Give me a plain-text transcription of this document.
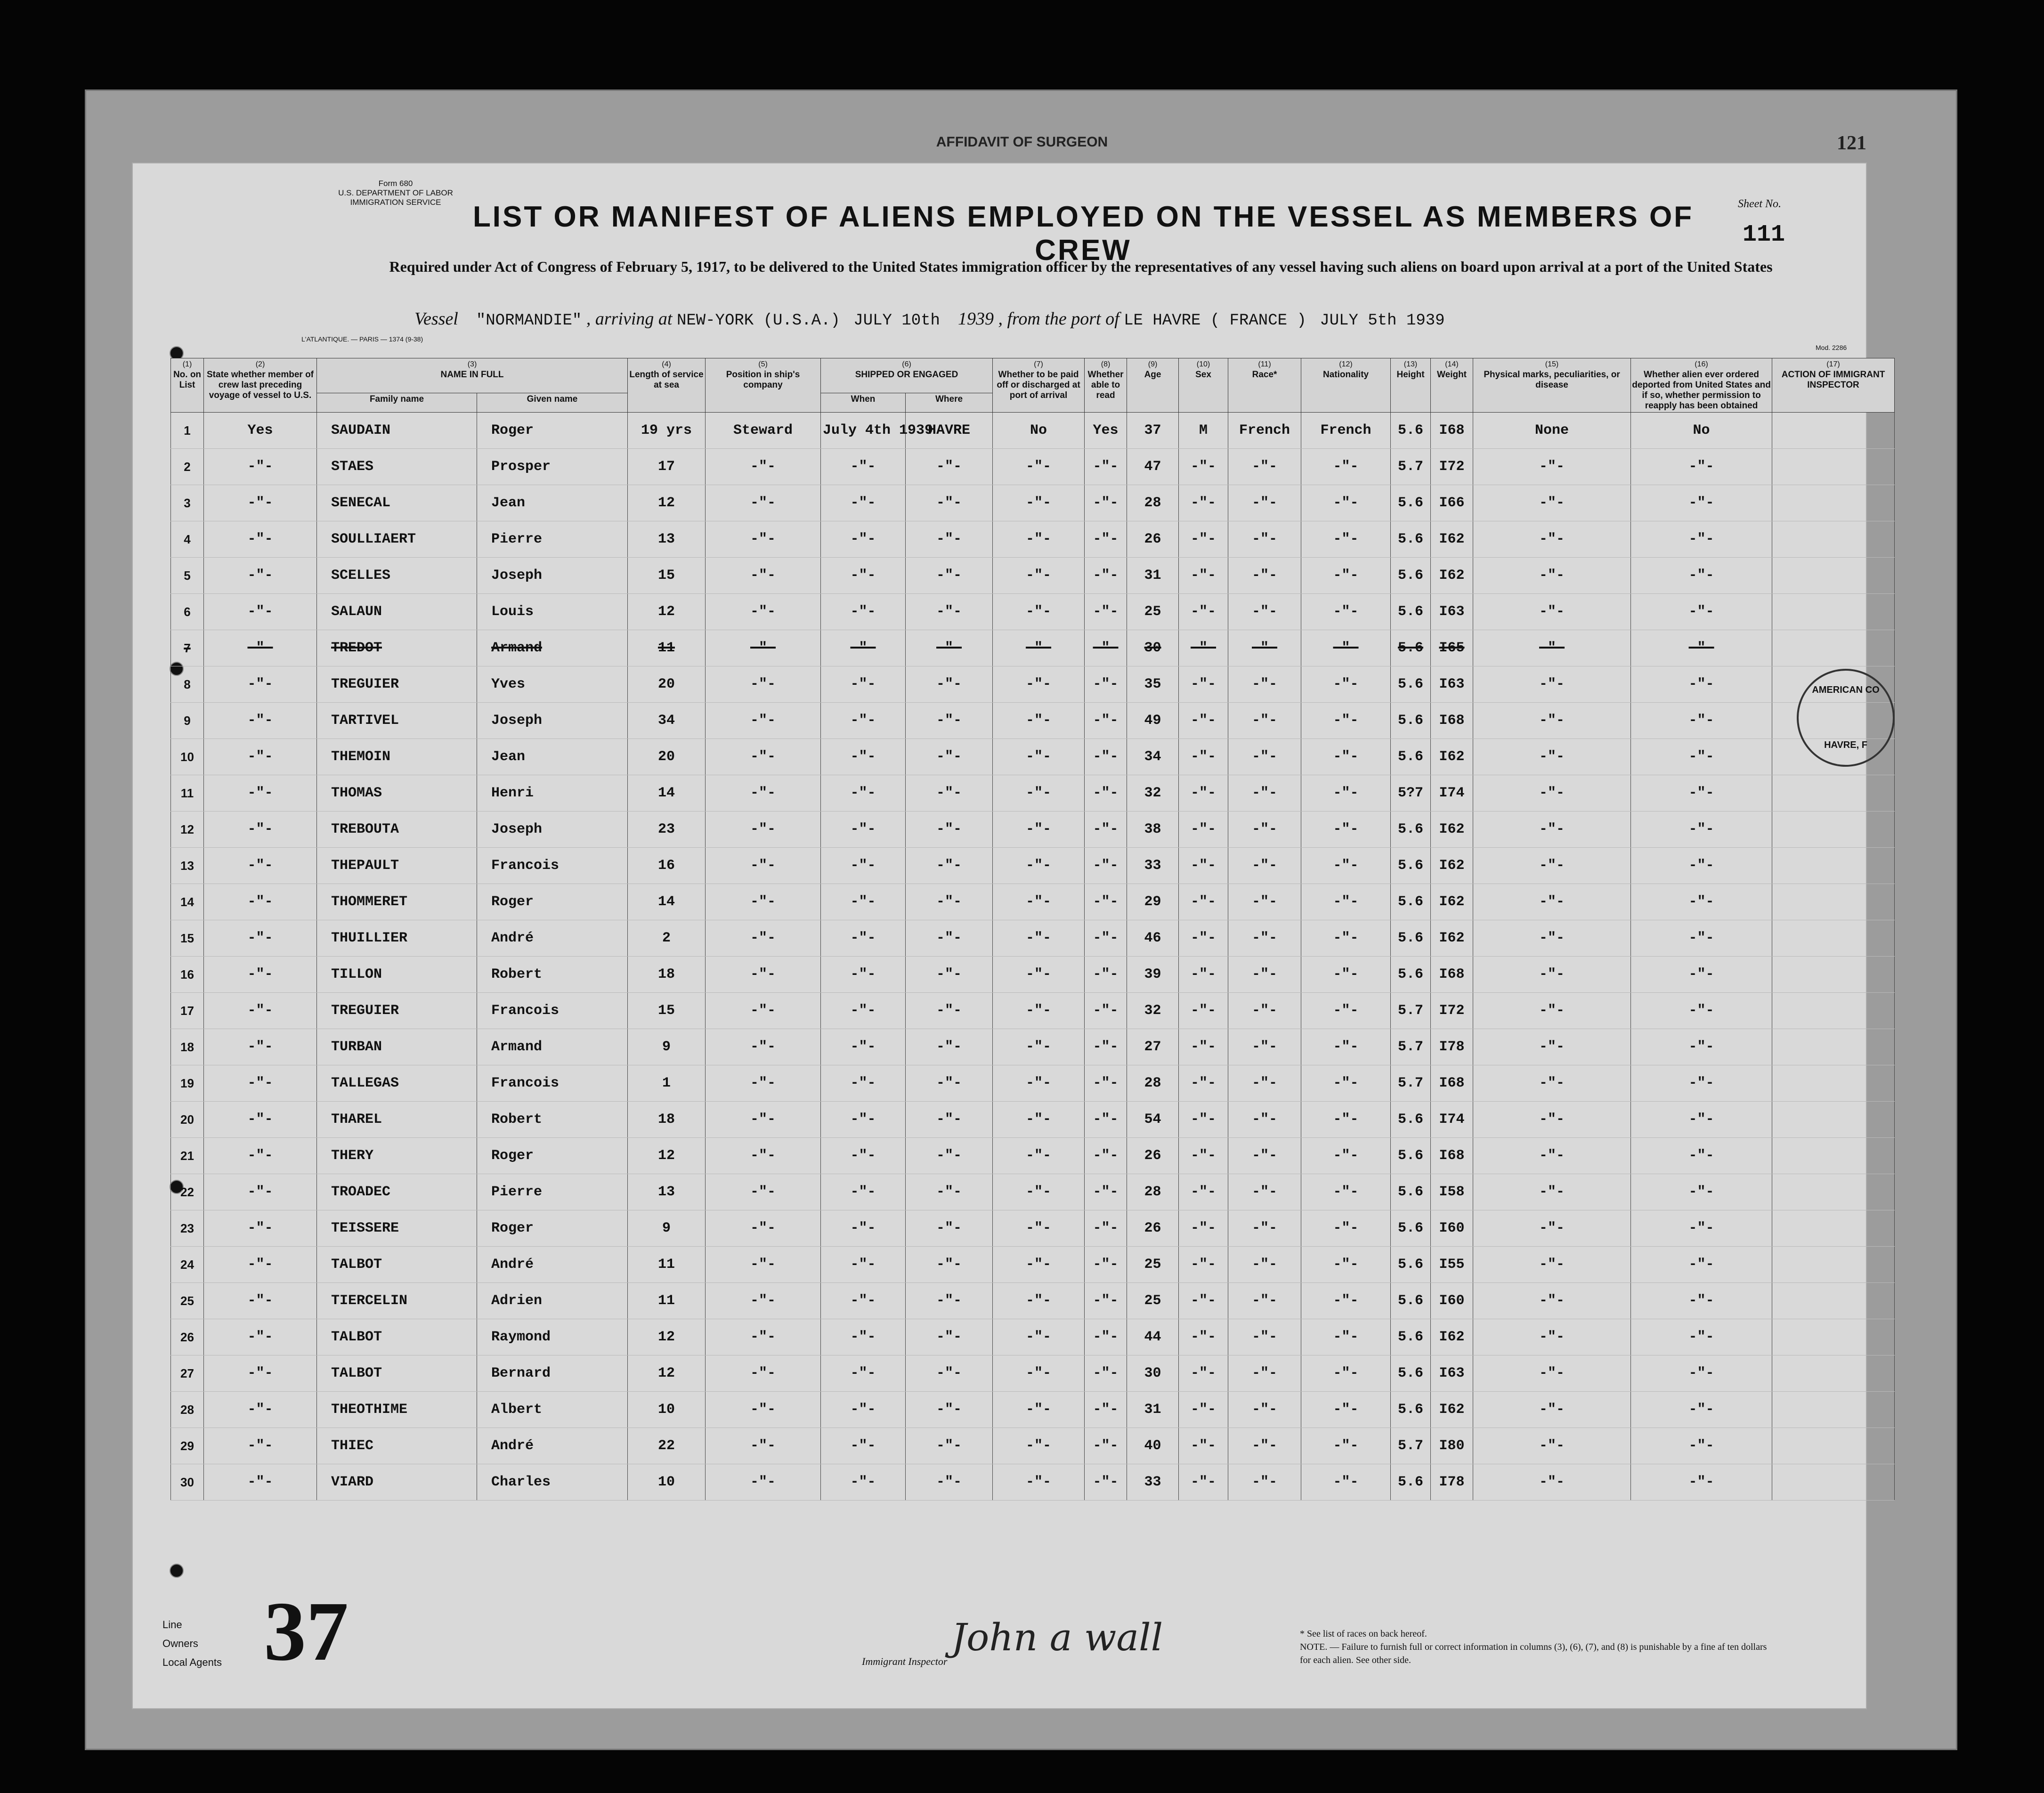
AFFIDAVIT OF SURGEON	121
Form 680
U.S. DEPARTMENT OF LABOR
IMMIGRATION SERVICE	LIST OR MANIFEST OF ALIENS EMPLOYED ON THE VESSEL AS MEMBERS OF CREW
Sheet No.
111
Required under Act of Congress of February 5, 1917, to be delivered to the United States immigration officer by the representatives of any vessel having such aliens on board upon arrival at a port of the United States
Vessel "NORMANDIE" , arriving at NEW-YORK (U.S.A.) JULY 10th 1939 , from the port of LE HAVRE ( FRANCE ) JULY 5th 1939
L'ATLANTIQUE. — PARIS — 1374 (9-38)
Mod. 2286
(1)
No. on List	(2)
State whether member of crew last preceding voyage of vessel to U.S.	(3)
NAME IN FULL		(4)
Length of service at sea	(5)
Position in ship's company	(6)
SHIPPED OR ENGAGED		(7)
Whether to be paid off or discharged at port of arrival	(8)
Whether able to read	(9)
Age	(10)
Sex	(11)
Race*	(12)
Nationality	(13)
Height	(14)
Weight	(15)
Physical marks, peculiarities, or disease	(16)
Whether alien ever ordered deported from United States and if so, whether permission to reapply has been obtained	(17)
ACTION OF IMMIGRANT INSPECTOR
		Family name	Given name			When	Where											
1	Yes	SAUDAIN	Roger	19 yrs	Steward	July 4th 1939	HAVRE	No	Yes	37	M	French	French	5.6	I68	None	No	
2	-"-	STAES	Prosper	17	-"-	-"-	-"-	-"-	-"-	47	-"-	-"-	-"-	5.7	I72	-"-	-"-	
3	-"-	SENECAL	Jean	12	-"-	-"-	-"-	-"-	-"-	28	-"-	-"-	-"-	5.6	I66	-"-	-"-	
4	-"-	SOULLIAERT	Pierre	13	-"-	-"-	-"-	-"-	-"-	26	-"-	-"-	-"-	5.6	I62	-"-	-"-	
5	-"-	SCELLES	Joseph	15	-"-	-"-	-"-	-"-	-"-	31	-"-	-"-	-"-	5.6	I62	-"-	-"-	
6	-"-	SALAUN	Louis	12	-"-	-"-	-"-	-"-	-"-	25	-"-	-"-	-"-	5.6	I63	-"-	-"-	
7	-"-	TREDOT	Armand	11	-"-	-"-	-"-	-"-	-"-	30	-"-	-"-	-"-	5.6	I65	-"-	-"-	
8	-"-	TREGUIER	Yves	20	-"-	-"-	-"-	-"-	-"-	35	-"-	-"-	-"-	5.6	I63	-"-	-"-	
9	-"-	TARTIVEL	Joseph	34	-"-	-"-	-"-	-"-	-"-	49	-"-	-"-	-"-	5.6	I68	-"-	-"-	
10	-"-	THEMOIN	Jean	20	-"-	-"-	-"-	-"-	-"-	34	-"-	-"-	-"-	5.6	I62	-"-	-"-	
11	-"-	THOMAS	Henri	14	-"-	-"-	-"-	-"-	-"-	32	-"-	-"-	-"-	5?7	I74	-"-	-"-	
12	-"-	TREBOUTA	Joseph	23	-"-	-"-	-"-	-"-	-"-	38	-"-	-"-	-"-	5.6	I62	-"-	-"-	
13	-"-	THEPAULT	Francois	16	-"-	-"-	-"-	-"-	-"-	33	-"-	-"-	-"-	5.6	I62	-"-	-"-	
14	-"-	THOMMERET	Roger	14	-"-	-"-	-"-	-"-	-"-	29	-"-	-"-	-"-	5.6	I62	-"-	-"-	
15	-"-	THUILLIER	André	2	-"-	-"-	-"-	-"-	-"-	46	-"-	-"-	-"-	5.6	I62	-"-	-"-	
16	-"-	TILLON	Robert	18	-"-	-"-	-"-	-"-	-"-	39	-"-	-"-	-"-	5.6	I68	-"-	-"-	
17	-"-	TREGUIER	Francois	15	-"-	-"-	-"-	-"-	-"-	32	-"-	-"-	-"-	5.7	I72	-"-	-"-	
18	-"-	TURBAN	Armand	9	-"-	-"-	-"-	-"-	-"-	27	-"-	-"-	-"-	5.7	I78	-"-	-"-	
19	-"-	TALLEGAS	Francois	1	-"-	-"-	-"-	-"-	-"-	28	-"-	-"-	-"-	5.7	I68	-"-	-"-	
20	-"-	THAREL	Robert	18	-"-	-"-	-"-	-"-	-"-	54	-"-	-"-	-"-	5.6	I74	-"-	-"-	
21	-"-	THERY	Roger	12	-"-	-"-	-"-	-"-	-"-	26	-"-	-"-	-"-	5.6	I68	-"-	-"-	
22	-"-	TROADEC	Pierre	13	-"-	-"-	-"-	-"-	-"-	28	-"-	-"-	-"-	5.6	I58	-"-	-"-	
23	-"-	TEISSERE	Roger	9	-"-	-"-	-"-	-"-	-"-	26	-"-	-"-	-"-	5.6	I60	-"-	-"-	
24	-"-	TALBOT	André	11	-"-	-"-	-"-	-"-	-"-	25	-"-	-"-	-"-	5.6	I55	-"-	-"-	
25	-"-	TIERCELIN	Adrien	11	-"-	-"-	-"-	-"-	-"-	25	-"-	-"-	-"-	5.6	I60	-"-	-"-	
26	-"-	TALBOT	Raymond	12	-"-	-"-	-"-	-"-	-"-	44	-"-	-"-	-"-	5.6	I62	-"-	-"-	
27	-"-	TALBOT	Bernard	12	-"-	-"-	-"-	-"-	-"-	30	-"-	-"-	-"-	5.6	I63	-"-	-"-	
28	-"-	THEOTHIME	Albert	10	-"-	-"-	-"-	-"-	-"-	31	-"-	-"-	-"-	5.6	I62	-"-	-"-	
29	-"-	THIEC	André	22	-"-	-"-	-"-	-"-	-"-	40	-"-	-"-	-"-	5.7	I80	-"-	-"-	
30	-"-	VIARD	Charles	10	-"-	-"-	-"-	-"-	-"-	33	-"-	-"-	-"-	5.6	I78	-"-	-"-	
AMERICAN CO
HAVRE, F
Line
Owners
Local Agents 37	John a wall
Immigrant Inspector
* See list of races on back hereof.
NOTE. — Failure to furnish full or correct information in columns (3), (6), (7), and (8) is punishable by a fine af ten dollars for each alien. See other side.
